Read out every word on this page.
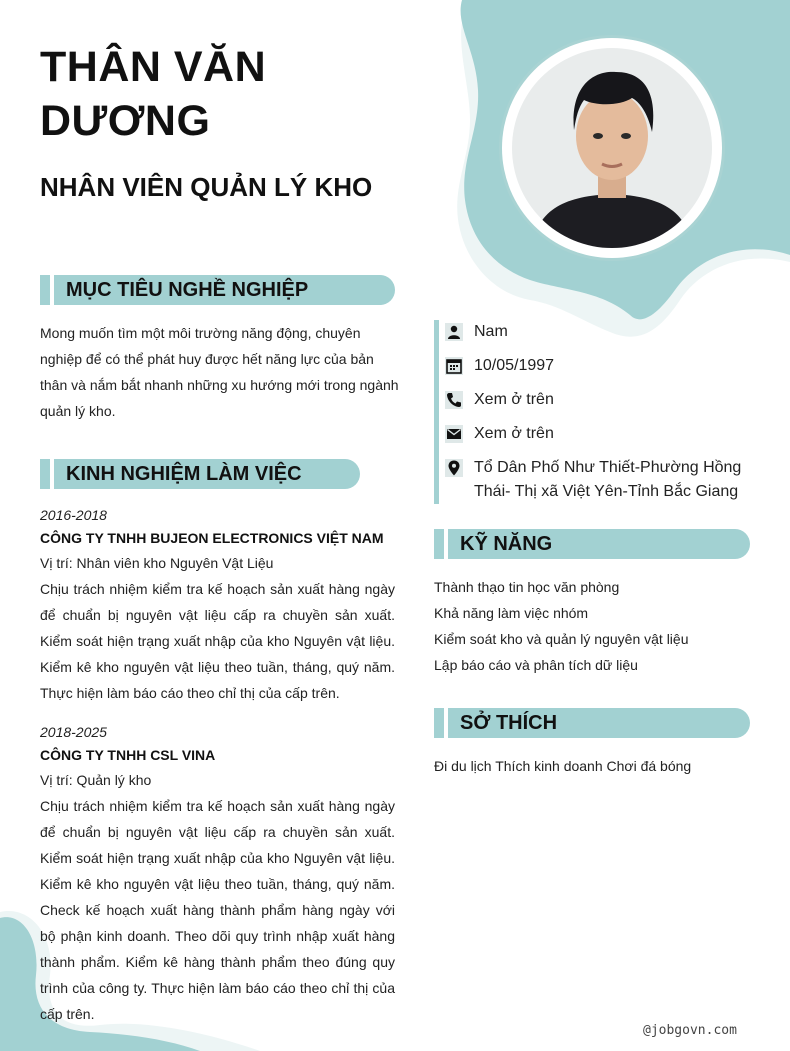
THÂN VĂN DƯƠNG
NHÂN VIÊN QUẢN LÝ KHO
MỤC TIÊU NGHỀ NGHIỆP
Mong muốn tìm một môi trường năng động, chuyên nghiệp để có thể phát huy được hết năng lực của bản thân và nắm bắt nhanh những xu hướng mới trong ngành quản lý kho.
KINH NGHIỆM LÀM VIỆC
2016-2018
CÔNG TY TNHH BUJEON ELECTRONICS VIỆT NAM
Vị trí: Nhân viên kho Nguyên Vật Liệu
Chịu trách nhiệm kiểm tra kế hoạch sản xuất hàng ngày để chuẩn bị nguyên vật liệu cấp ra chuyền sản xuất. Kiểm soát hiện trạng xuất nhập của kho Nguyên vật liệu. Kiểm kê kho nguyên vật liệu theo tuần, tháng, quý năm. Thực hiện làm báo cáo theo chỉ thị của cấp trên.
2018-2025
CÔNG TY TNHH CSL VINA
Vị trí: Quản lý kho
Chịu trách nhiệm kiểm tra kế hoạch sản xuất hàng ngày để chuẩn bị nguyên vật liệu cấp ra chuyền sản xuất. Kiểm soát hiện trạng xuất nhập của kho Nguyên vật liệu. Kiểm kê kho nguyên vật liệu theo tuần, tháng, quý năm. Check kế hoạch xuất hàng thành phẩm hàng ngày với bộ phận kinh doanh. Theo dõi quy trình nhập xuất hàng thành phẩm. Kiểm kê hàng thành phẩm theo đúng quy trình của công ty. Thực hiện làm báo cáo theo chỉ thị của cấp trên.
Nam
10/05/1997
Xem ở trên
Xem ở trên
Tổ Dân Phố Như Thiết-Phường Hồng Thái- Thị xã Việt Yên-Tỉnh Bắc Giang
KỸ NĂNG
Thành thạo tin học văn phòng
Khả năng làm việc nhóm
Kiểm soát kho và quản lý nguyên vật liệu
Lập báo cáo và phân tích dữ liệu
SỞ THÍCH
Đi du lịch Thích kinh doanh Chơi đá bóng
@jobgovn.com
